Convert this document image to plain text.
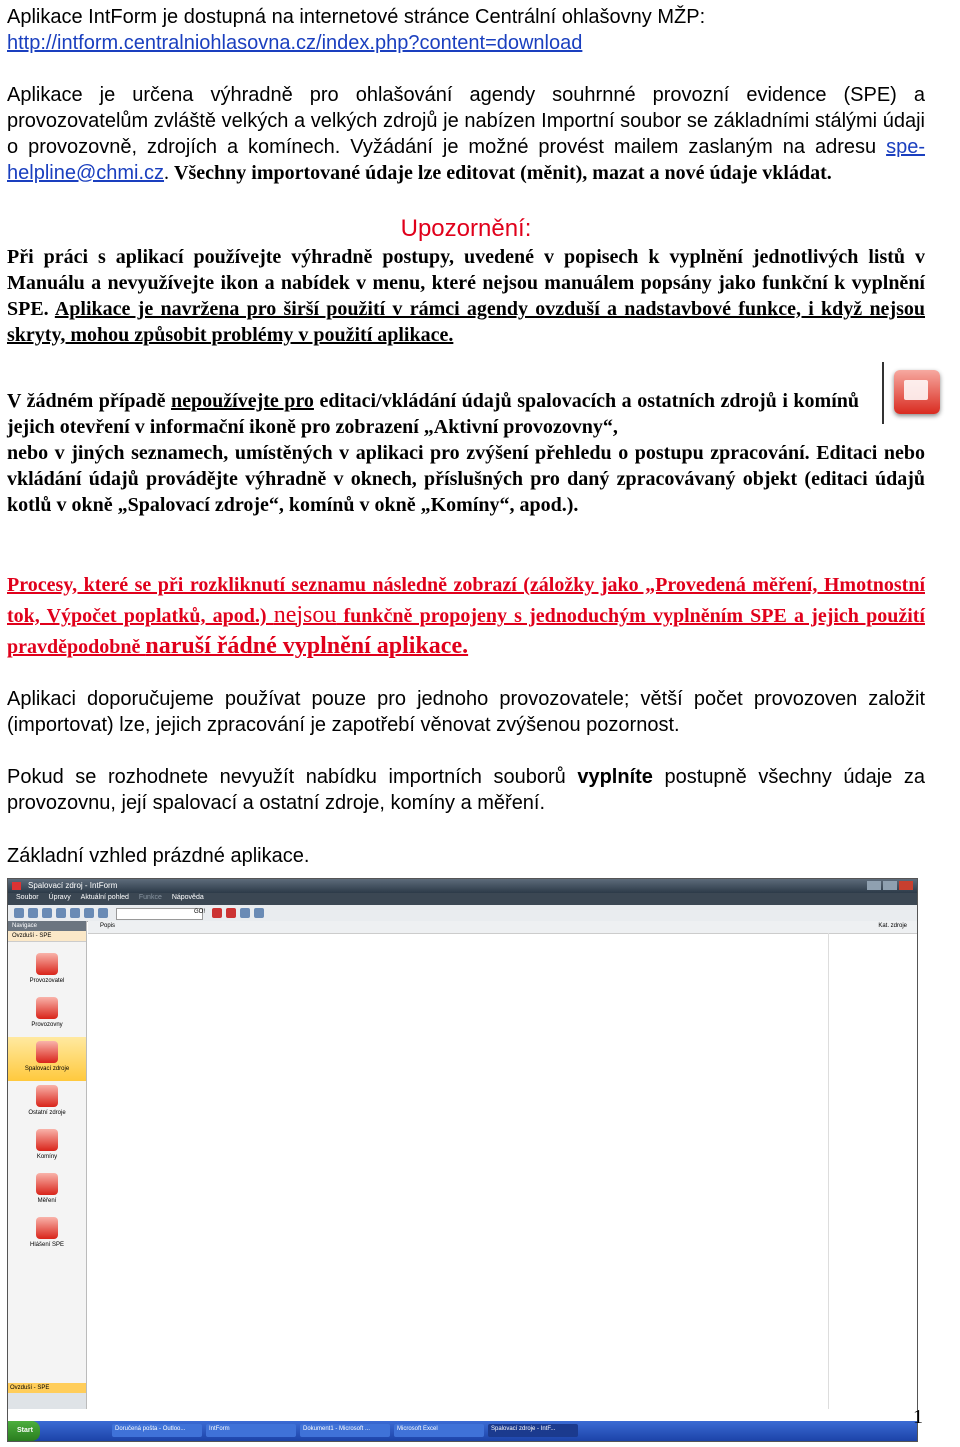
Aplikace IntForm je dostupná na internetové stránce Centrální ohlašovny MŽP:
http://intform.centralniohlasovna.cz/index.php?content=download
Aplikace je určena výhradně pro ohlašování agendy souhrnné provozní evidence (SPE) a provozovatelům zvláště velkých a velkých zdrojů je nabízen Importní soubor se základními stálými údaji o provozovně, zdrojích a komínech. Vyžádání je možné provést mailem zaslaným na adresu spe-helpline@chmi.cz. Všechny importované údaje lze editovat (měnit), mazat a nové údaje vkládat.
Upozornění:
Při práci s aplikací používejte výhradně postupy, uvedené v popisech k vyplnění jednotlivých listů v Manuálu a nevyužívejte ikon a nabídek v menu, které nejsou manuálem popsány jako funkční k vyplnění SPE. Aplikace je navržena pro širší použití v rámci agendy ovzduší a nadstavbové funkce, i když nejsou skryty, mohou způsobit problémy v použití aplikace.
V žádném případě nepoužívejte pro editaci/vkládání údajů spalovacích a ostatních zdrojů i komínů jejich otevření v informační ikoně pro zobrazení „Aktivní provozovny“,
nebo v jiných seznamech, umístěných v aplikaci pro zvýšení přehledu o postupu zpracování. Editaci nebo vkládání údajů provádějte výhradně v oknech, příslušných pro daný zpracovávaný objekt (editaci údajů kotlů v okně „Spalovací zdroje“, komínů v okně „Komíny“, apod.).
Procesy, které se při rozkliknutí seznamu následně zobrazí (záložky jako „Provedená měření, Hmotnostní tok, Výpočet poplatků, apod.) nejsou funkčně propojeny s jednoduchým vyplněním SPE a jejich použití pravděpodobně naruší řádné vyplnění aplikace.
Aplikaci doporučujeme používat pouze pro jednoho provozovatele; větší počet provozoven založit (importovat) lze, jejich zpracování je zapotřebí věnovat zvýšenou pozornost.
Pokud se rozhodnete nevyužít nabídku importních souborů vyplníte postupně všechny údaje za provozovnu, její spalovací a ostatní zdroje, komíny a měření.
Základní vzhled prázdné aplikace.
Spalovací zdroj - IntForm
Soubor Úpravy Aktuální pohled Funkce Nápověda
GO!
Navigace
Ovzduší - SPE
Provozovatel
Provozovny
Spalovací zdroje
Ostatní zdroje
Komíny
Měření
Hlášení SPE
Ovzduší - SPE
Popis	Kat. zdroje
Start	Doručená pošta - Outloo...	IntForm	Dokument1 - Microsoft ...	Microsoft Excel	Spalovací zdroje - IntF...
1
